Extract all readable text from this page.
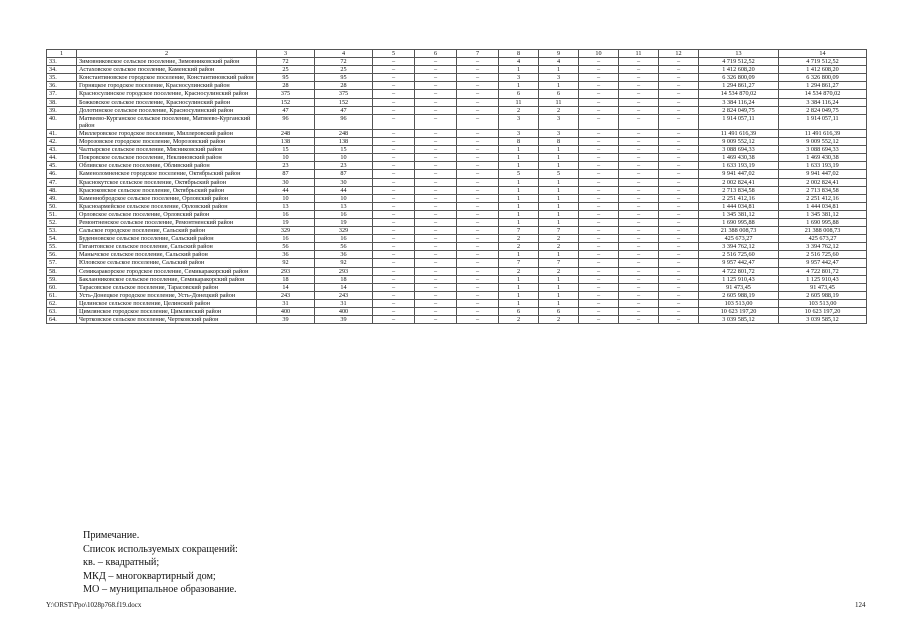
1	2	3	4	5	6	7	8	9	10	11	12	13	14
33.	Зимовниковское сельское поселение, Зимовниковский район	72	72	–	–	–	4	4	–	–	–	4 719 512,52	4 719 512,52
34.	Астаховское сельское поселение, Каменский район	25	25	–	–	–	1	1	–	–	–	1 412 608,20	1 412 608,20
35.	Константиновское городское поселение, Константиновский район	95	95	–	–	–	3	3	–	–	–	6 326 800,09	6 326 800,09
36.	Горняцкое городское поселение, Красносулинский район	28	28	–	–	–	1	1	–	–	–	1 294 861,27	1 294 861,27
37.	Красносулинское городское поселение, Красносулинский район	375	375	–	–	–	6	6	–	–	–	14 534 870,02	14 534 870,02
38.	Божковское сельское поселение, Красносулинский район	152	152	–	–	–	11	11	–	–	–	3 384 116,24	3 384 116,24
39.	Долотинское сельское поселение, Красносулинский район	47	47	–	–	–	2	2	–	–	–	2 824 049,75	2 824 049,75
40.	Матвеево-Курганское сельское поселение, Матвеево-Курганский район	96	96	–	–	–	3	3	–	–	–	1 914 057,11	1 914 057,11
41.	Миллеровское городское поселение, Миллеровский район	248	248	–	–	–	3	3	–	–	–	11 491 616,39	11 491 616,39
42.	Морозовское городское поселение, Морозовский район	138	138	–	–	–	8	8	–	–	–	9 009 552,12	9 009 552,12
43.	Чалтырское сельское поселение, Мясниковский район	15	15	–	–	–	1	1	–	–	–	3 088 694,33	3 088 694,33
44.	Покровское сельское поселение, Неклиновский район	10	10	–	–	–	1	1	–	–	–	1 469 430,38	1 469 430,38
45.	Обливское сельское поселение, Обливский район	23	23	–	–	–	1	1	–	–	–	1 633 193,19	1 633 193,19
46.	Каменоломненское городское поселение, Октябрьский район	87	87	–	–	–	5	5	–	–	–	9 941 447,02	9 941 447,02
47.	Краснокутское сельское поселение, Октябрьский район	30	30	–	–	–	1	1	–	–	–	2 002 824,41	2 002 824,41
48.	Красюковское сельское поселение, Октябрьский район	44	44	–	–	–	1	1	–	–	–	2 713 834,58	2 713 834,58
49.	Каменнобродское сельское поселение, Орловский район	10	10	–	–	–	1	1	–	–	–	2 251 412,16	2 251 412,16
50.	Красноармейское сельское поселение, Орловский район	13	13	–	–	–	1	1	–	–	–	1 444 034,81	1 444 034,81
51.	Орловское сельское поселение, Орловский район	16	16	–	–	–	1	1	–	–	–	1 345 381,12	1 345 381,12
52.	Ремонтненское сельское поселение, Ремонтненский район	19	19	–	–	–	1	1	–	–	–	1 690 995,88	1 690 995,88
53.	Сальское городское поселение, Сальский район	329	329	–	–	–	7	7	–	–	–	21 388 008,73	21 388 008,73
54.	Буденновское сельское поселение, Сальский район	16	16	–	–	–	2	2	–	–	–	425 673,27	425 673,27
55.	Гигантовское сельское поселение, Сальский район	56	56	–	–	–	2	2	–	–	–	3 394 762,12	3 394 762,12
56.	Манычское сельское поселение, Сальский район	36	36	–	–	–	1	1	–	–	–	2 516 725,60	2 516 725,60
57.	Юловское сельское поселение, Сальский район	92	92	–	–	–	7	7	–	–	–	9 957 442,47	9 957 442,47
58.	Семикаракорское городское поселение, Семикаракорский район	293	293	–	–	–	2	2	–	–	–	4 722 801,72	4 722 801,72
59.	Бакланниковское сельское поселение, Семикаракорский район	18	18	–	–	–	1	1	–	–	–	1 125 910,43	1 125 910,43
60.	Тарасовское сельское поселение, Тарасовский район	14	14	–	–	–	1	1	–	–	–	91 473,45	91 473,45
61.	Усть-Донецкое городское поселение, Усть-Донецкий район	243	243	–	–	–	1	1	–	–	–	2 605 988,19	2 605 988,19
62.	Целинское сельское поселение, Целинский район	31	31	–	–	–	1	1	–	–	–	103 513,00	103 513,00
63.	Цимлянское городское поселение, Цимлянский район	400	400	–	–	–	6	6	–	–	–	10 623 197,20	10 623 197,20
64.	Чертковское сельское поселение, Чертковский район	39	39	–	–	–	2	2	–	–	–	3 039 585,12	3 039 585,12
Примечание.
Список используемых сокращений:
кв. – квадратный;
МКД – многоквартирный дом;
МО – муниципальное образование.
Y:\ORST\Ppo\1028p768.f19.docx	124
